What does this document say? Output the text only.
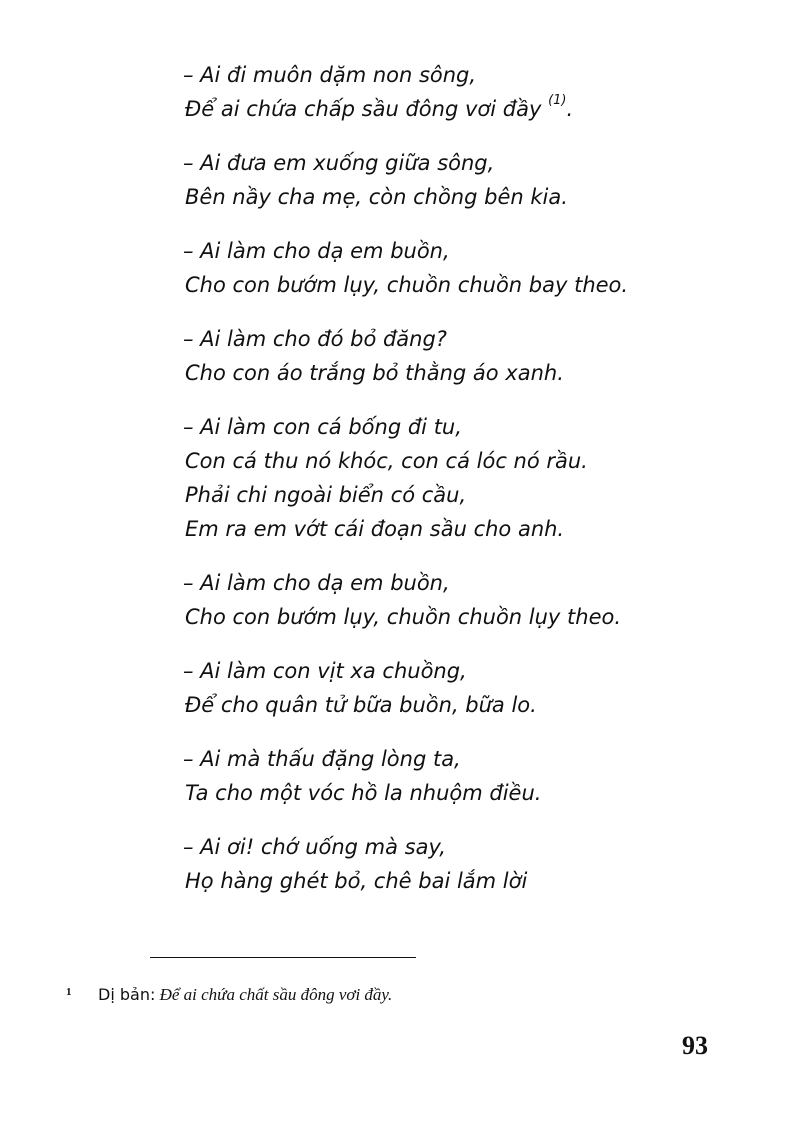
– Ai đi muôn dặm non sông,
Để ai chứa chấp sầu đông vơi đầy $^{(1)}$.
– Ai đưa em xuống giữa sông,
Bên nầy cha mẹ, còn chồng bên kia.
– Ai làm cho dạ em buồn,
Cho con bướm lụy, chuồn chuồn bay theo.
– Ai làm cho đó bỏ đăng?
Cho con áo trắng bỏ thằng áo xanh.
– Ai làm con cá bống đi tu,
Con cá thu nó khóc, con cá lóc nó rầu.
Phải chi ngoài biển có cầu,
Em ra em vớt cái đoạn sầu cho anh.
– Ai làm cho dạ em buồn,
Cho con bướm lụy, chuồn chuồn lụy theo.
– Ai làm con vịt xa chuồng,
Để cho quân tử bữa buồn, bữa lo.
– Ai mà thấu đặng lòng ta,
Ta cho một vóc hồ la nhuộm điều.
– Ai ơi! chớ uống mà say,
Họ hàng ghét bỏ, chê bai lắm lời
1 Dị bản: Để ai chứa chất sầu đông vơi đầy.
93
